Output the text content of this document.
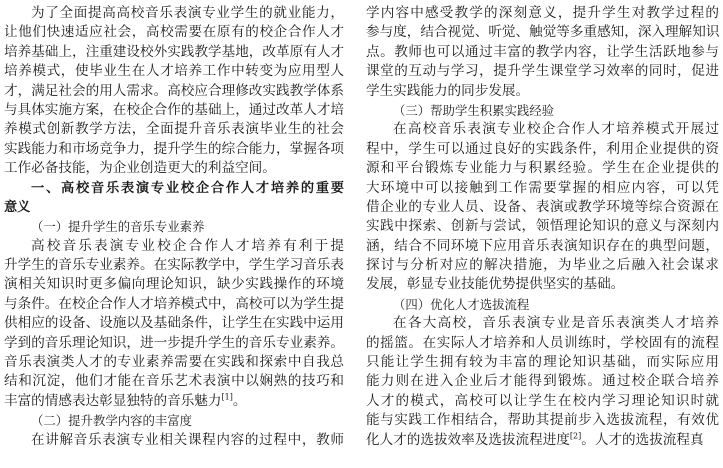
为了全面提高高校音乐表演专业学生的就业能力，
让他们快速适应社会，高校需要在原有的校企合作人才
培养基础上，注重建设校外实践教学基地，改革原有人才
培养模式，使毕业生在人才培养工作中转变为应用型人
才，满足社会的用人需求。高校应合理修改实践教学体系
与具体实施方案，在校企合作的基础上，通过改革人才培
养模式创新教学方法，全面提升音乐表演毕业生的社会
实践能力和市场竞争力，提升学生的综合能力，掌握各项
工作必备技能，为企业创造更大的利益空间。
一、高校音乐表演专业校企合作人才培养的重要
意义
（一）提升学生的音乐专业素养
高校音乐表演专业校企合作人才培养有利于提
升学生的音乐专业素养。在实际教学中，学生学习音乐表
演相关知识时更多偏向理论知识，缺少实践操作的环境
与条件。在校企合作人才培养模式中，高校可以为学生提
供相应的设备、设施以及基础条件，让学生在实践中运用
学到的音乐理论知识，进一步提升学生的音乐专业素养。
音乐表演类人才的专业素养需要在实践和探索中自我总
结和沉淀，他们才能在音乐艺术表演中以娴熟的技巧和
丰富的情感表达彰显独特的音乐魅力[1]。
（二）提升教学内容的丰富度
在讲解音乐表演专业相关课程内容的过程中，教师
学内容中感受教学的深刻意义，提升学生对教学过程的
参与度，结合视觉、听觉、触觉等多重感知，深入理解知识
点。教师也可以通过丰富的教学内容，让学生活跃地参与
课堂的互动与学习，提升学生课堂学习效率的同时，促进
学生实践能力的同步发展。
（三）帮助学生积累实践经验
在高校音乐表演专业校企合作人才培养模式开展过
程中，学生可以通过良好的实践条件，利用企业提供的资
源和平台锻炼专业能力与积累经验。学生在企业提供的
大环境中可以接触到工作需要掌握的相应内容，可以凭
借企业的专业人员、设备、表演或教学环境等综合资源在
实践中探索、创新与尝试，领悟理论知识的意义与深刻内
涵，结合不同环境下应用音乐表演知识存在的典型问题，
探讨与分析对应的解决措施，为毕业之后融入社会谋求
发展，彰显专业技能优势提供坚实的基础。
（四）优化人才选拔流程
在各大高校，音乐表演专业是音乐表演类人才培养
的摇篮。在实际人才培养和人员训练时，学校固有的流程
只能让学生拥有较为丰富的理论知识基础，而实际应用
能力则在进入企业后才能得到锻炼。通过校企联合培养
人才的模式，高校可以让学生在校内学习理论知识时就
能与实践工作相结合，帮助其提前步入选拔流程，有效优
化人才的选拔效率及选拔流程进度[2]。人才的选拔流程真
